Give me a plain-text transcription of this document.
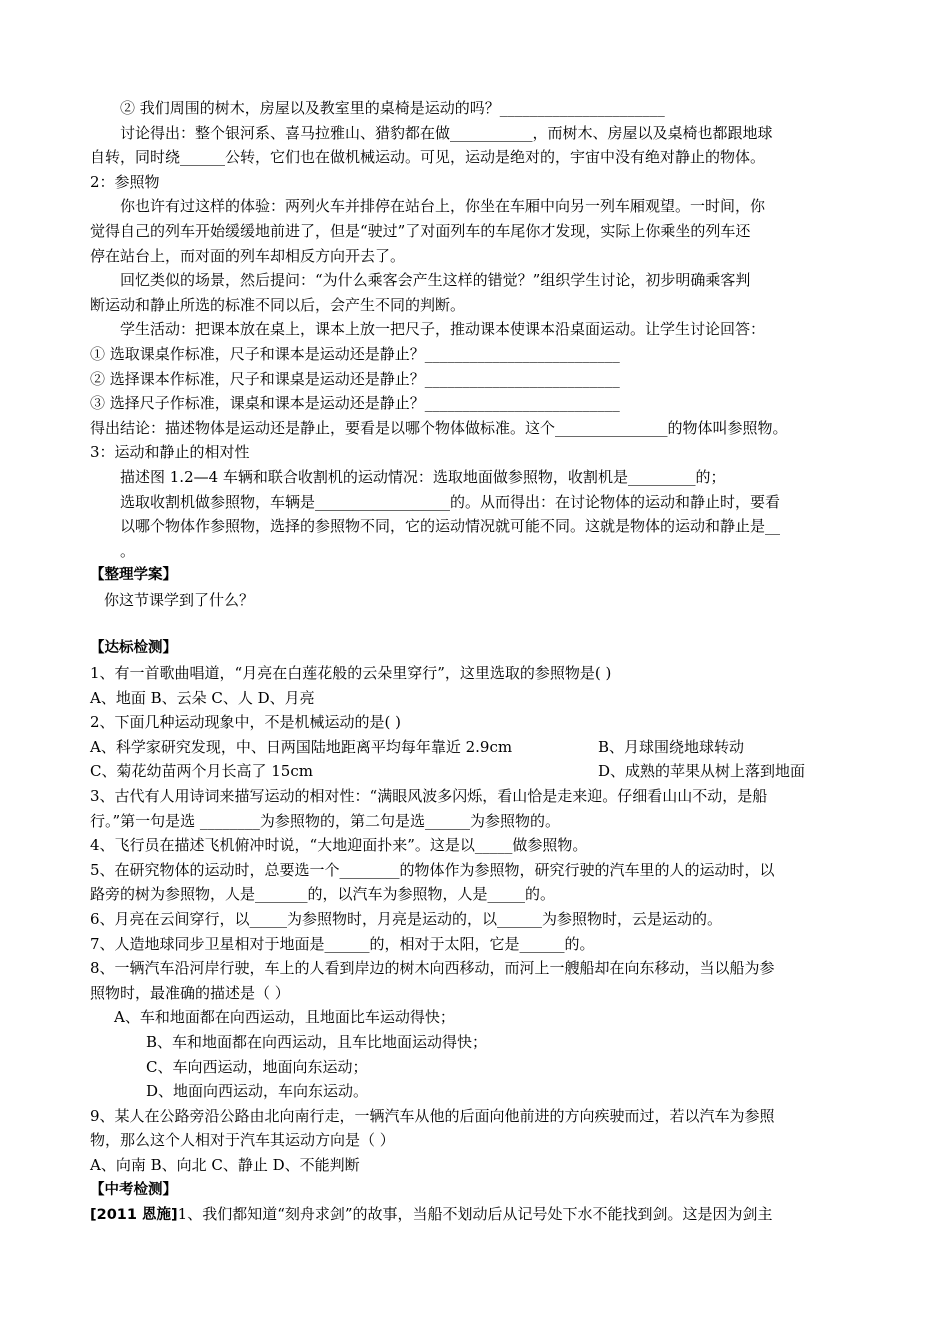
② 我们周围的树木，房屋以及教室里的桌椅是运动的吗？______________________
讨论得出：整个银河系、喜马拉雅山、猎豹都在做___________，而树木、房屋以及桌椅也都跟地球
自转，同时绕______公转，它们也在做机械运动。可见，运动是绝对的，宇宙中没有绝对静止的物体。
2：参照物
你也许有过这样的体验：两列火车并排停在站台上，你坐在车厢中向另一列车厢观望。一时间，你
觉得自己的列车开始缓缓地前进了，但是“驶过”了对面列车的车尾你才发现，实际上你乘坐的列车还
停在站台上，而对面的列车却相反方向开去了。
回忆类似的场景，然后提问：“为什么乘客会产生这样的错觉？”组织学生讨论，初步明确乘客判
断运动和静止所选的标准不同以后，会产生不同的判断。
学生活动：把课本放在桌上，课本上放一把尺子，推动课本使课本沿桌面运动。让学生讨论回答：
① 选取课桌作标准，尺子和课本是运动还是静止？__________________________
② 选择课本作标准，尺子和课桌是运动还是静止？__________________________
③ 选择尺子作标准，课桌和课本是运动还是静止？__________________________
得出结论：描述物体是运动还是静止，要看是以哪个物体做标准。这个_______________的物体叫参照物。
3：运动和静止的相对性
描述图 1.2—4 车辆和联合收割机的运动情况：选取地面做参照物，收割机是_________的；
选取收割机做参照物，车辆是__________________的。从而得出：在讨论物体的运动和静止时，要看
以哪个物体作参照物，选择的参照物不同，它的运动情况就可能不同。这就是物体的运动和静止是__
。
【整理学案】
你这节课学到了什么？
【达标检测】
1、有一首歌曲唱道，“月亮在白莲花般的云朵里穿行”，这里选取的参照物是( )
A、地面 B、云朵 C、人 D、月亮
2、下面几种运动现象中，不是机械运动的是( )
A、科学家研究发现，中、日两国陆地距离平均每年靠近 2.9cm	B、月球围绕地球转动
C、菊花幼苗两个月长高了 15cm	D、成熟的苹果从树上落到地面
3、古代有人用诗词来描写运动的相对性：“满眼风波多闪烁，看山恰是走来迎。仔细看山山不动，是船
行。”第一句是选 ________为参照物的，第二句是选______为参照物的。
4、飞行员在描述飞机俯冲时说，“大地迎面扑来”。这是以_____做参照物。
5、在研究物体的运动时，总要选一个________的物体作为参照物，研究行驶的汽车里的人的运动时，以
路旁的树为参照物，人是_______的，以汽车为参照物，人是_____的。
6、月亮在云间穿行，以_____为参照物时，月亮是运动的，以______为参照物时，云是运动的。
7、人造地球同步卫星相对于地面是______的，相对于太阳，它是______的。
8、一辆汽车沿河岸行驶，车上的人看到岸边的树木向西移动，而河上一艘船却在向东移动，当以船为参
照物时，最准确的描述是（ ）
A、车和地面都在向西运动，且地面比车运动得快；
B、车和地面都在向西运动，且车比地面运动得快；
C、车向西运动，地面向东运动；
D、地面向西运动，车向东运动。
9、某人在公路旁沿公路由北向南行走，一辆汽车从他的后面向他前进的方向疾驶而过，若以汽车为参照
物，那么这个人相对于汽车其运动方向是（ ）
A、向南 B、向北 C、静止 D、不能判断
【中考检测】
[2011 恩施]1、我们都知道“刻舟求剑”的故事，当船不划动后从记号处下水不能找到剑。这是因为剑主
